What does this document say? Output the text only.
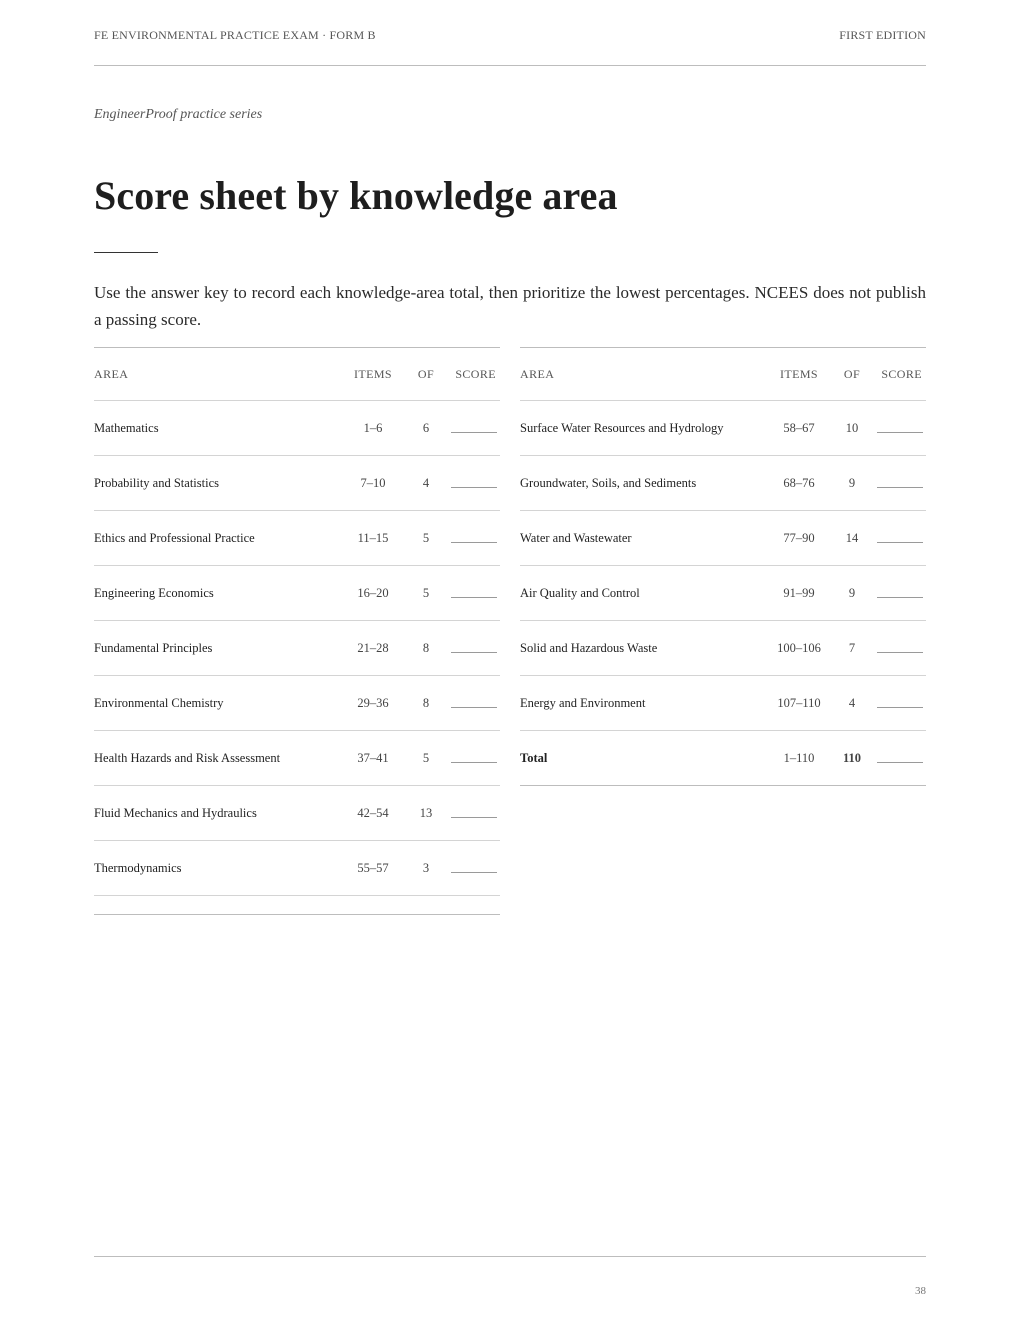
FE ENVIRONMENTAL PRACTICE EXAM · FORM B	FIRST EDITION
EngineerProof practice series
Score sheet by knowledge area

Use the answer key to record each knowledge-area total, then prioritize the lowest percentages. NCEES does not publish a passing score.

AREA	ITEMS	OF	SCORE
Mathematics	1–6	6	
Probability and Statistics	7–10	4	
Ethics and Professional Practice	11–15	5	
Engineering Economics	16–20	5	
Fundamental Principles	21–28	8	
Environmental Chemistry	29–36	8	
Health Hazards and Risk Assessment	37–41	5	
Fluid Mechanics and Hydraulics	42–54	13	
Thermodynamics	55–57	3	
AREA	ITEMS	OF	SCORE
Surface Water Resources and Hydrology	58–67	10	
Groundwater, Soils, and Sediments	68–76	9	
Water and Wastewater	77–90	14	
Air Quality and Control	91–99	9	
Solid and Hazardous Waste	100–106	7	
Energy and Environment	107–110	4	
Total	1–110	110	
38
